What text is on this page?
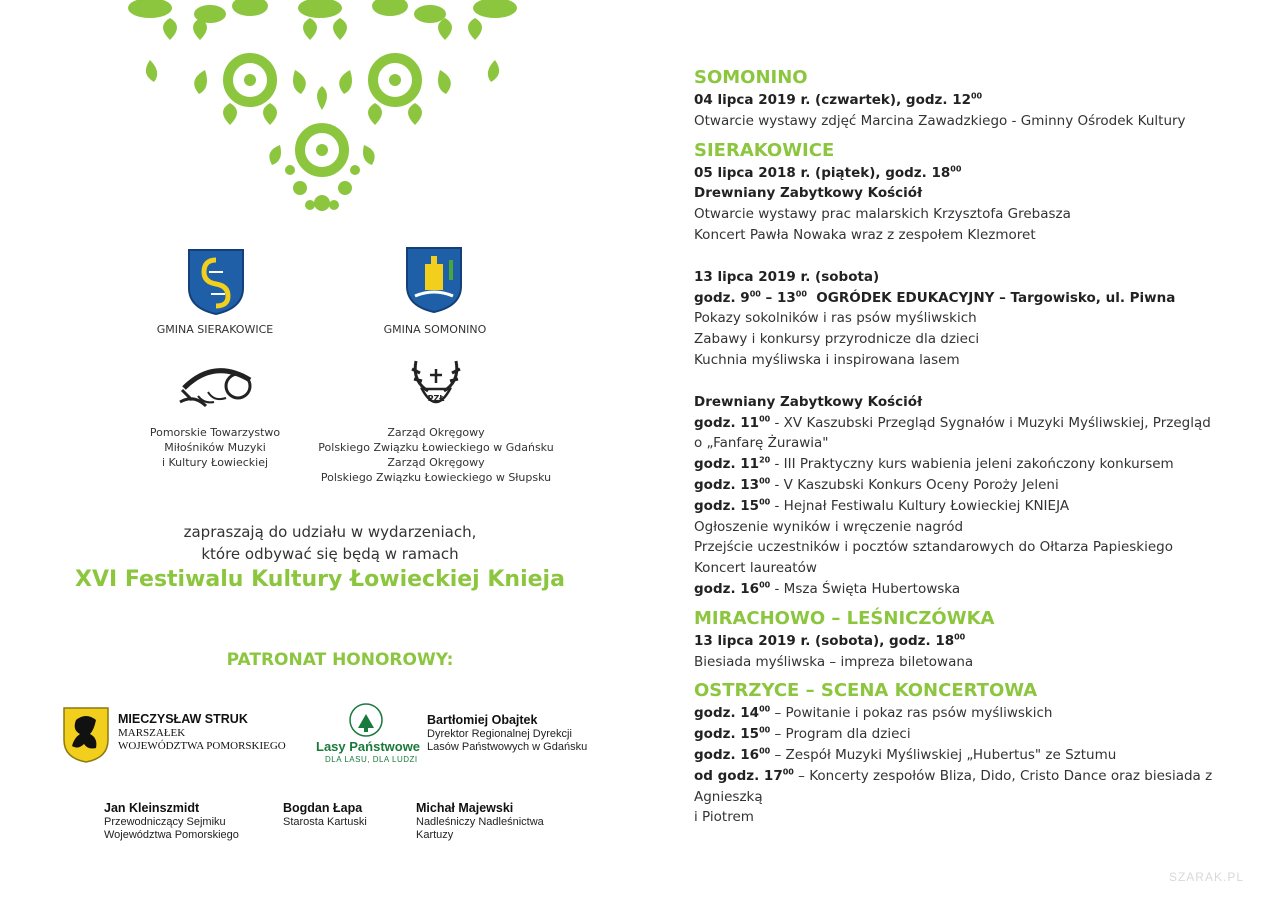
GMINA SIERAKOWICE	GMINA SOMONINO
Pomorskie Towarzystwo
Miłośników Muzyki
i Kultury Łowieckiej
PZŁ
Zarząd Okręgowy
Polskiego Związku Łowieckiego w Gdańsku
Zarząd Okręgowy
Polskiego Związku Łowieckiego w Słupsku
zapraszają do udziału w wydarzeniach,
które odbywać się będą w ramach
XVI Festiwalu Kultury Łowieckiej Knieja
PATRONAT HONOROWY:
MIECZYSŁAW STRUK
MARSZAŁEK
WOJEWÓDZTWA POMORSKIEGO Lasy Państwowe
DLA LASU, DLA LUDZI
Bartłomiej Obajtek
Dyrektor Regionalnej Dyrekcji
Lasów Państwowych w Gdańsku
Jan Kleinszmidt
Przewodniczący Sejmiku
Województwa Pomorskiego
Bogdan Łapa
Starosta Kartuski
Michał Majewski
Nadleśniczy Nadleśnictwa
Kartuzy
SOMONINO
04 lipca 2019 r. (czwartek), godz. $12^{00}$
Otwarcie wystawy zdjęć Marcina Zawadzkiego - Gminny Ośrodek Kultury
SIERAKOWICE
05 lipca 2018 r. (piątek), godz. $18^{00}$
Drewniany Zabytkowy Kościół
Otwarcie wystawy prac malarskich Krzysztofa Grebasza
Koncert Pawła Nowaka wraz z zespołem Klezmoret
13 lipca 2019 r. (sobota)
godz. $9^{00} - 13^{00}$  OGRÓDEK EDUKACYJNY – Targowisko, ul. Piwna
Pokazy sokolników i ras psów myśliwskich
Zabawy i konkursy przyrodnicze dla dzieci
Kuchnia myśliwska i inspirowana lasem
Drewniany Zabytkowy Kościół
godz. $11^{00}$ - XV Kaszubski Przegląd Sygnałów i Muzyki Myśliwskiej, Przegląd
o „Fanfarę Żurawia"
godz. $11^{20}$ - III Praktyczny kurs wabienia jeleni zakończony konkursem
godz. $13^{00}$ - V Kaszubski Konkurs Oceny Poroży Jeleni
godz. $15^{00}$ - Hejnał Festiwalu Kultury Łowieckiej KNIEJA
Ogłoszenie wyników i wręczenie nagród
Przejście uczestników i pocztów sztandarowych do Ołtarza Papieskiego
Koncert laureatów
godz. $16^{00}$ - Msza Święta Hubertowska
MIRACHOWO – LEŚNICZÓWKA
13 lipca 2019 r. (sobota), godz. $18^{00}$
Biesiada myśliwska – impreza biletowana
OSTRZYCE – SCENA KONCERTOWA
godz. $14^{00}$ – Powitanie i pokaz ras psów myśliwskich
godz. $15^{00}$ – Program dla dzieci
godz. $16^{00}$ – Zespół Muzyki Myśliwskiej „Hubertus" ze Sztumu
od godz. $17^{00}$ – Koncerty zespołów Bliza, Dido, Cristo Dance oraz biesiada z Agnieszką
i Piotrem
SZARAK.PL
